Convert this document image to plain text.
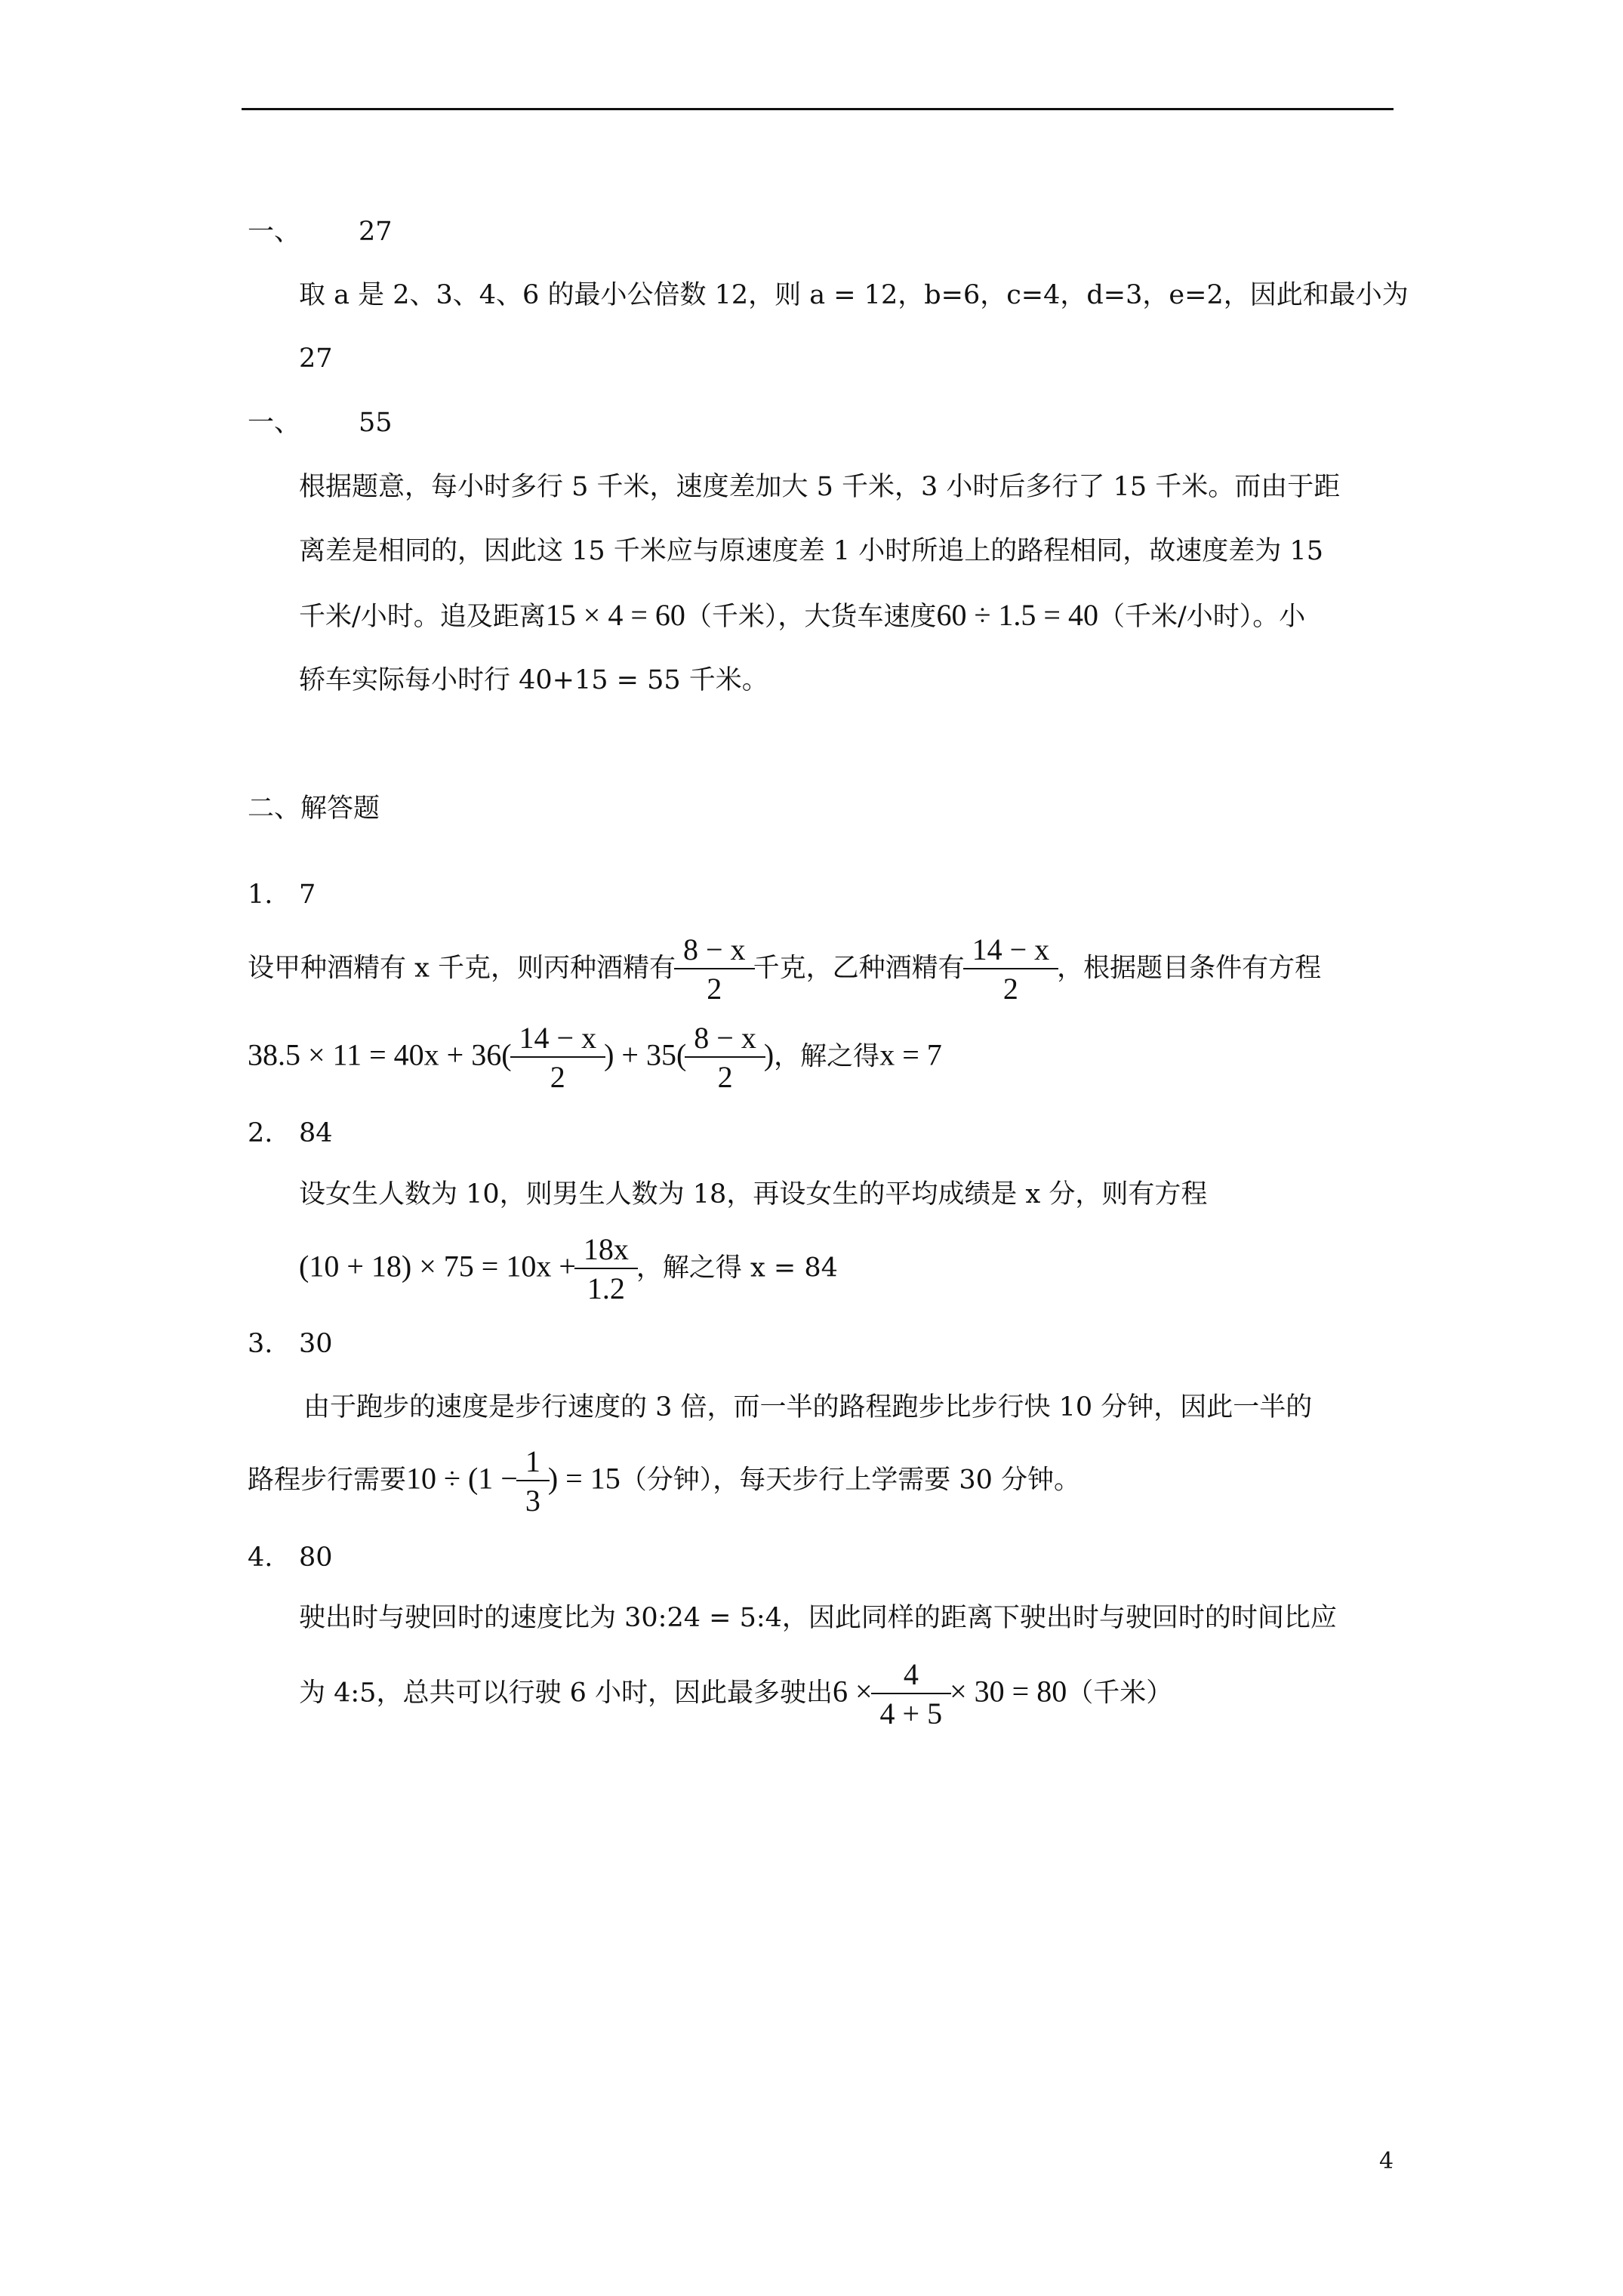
一、 27
取 a 是 2、3、4、6 的最小公倍数 12，则 a = 12，b=6，c=4，d=3，e=2，因此和最小为
27
一、 55
根据题意，每小时多行 5 千米，速度差加大 5 千米，3 小时后多行了 15 千米。而由于距
离差是相同的，因此这 15 千米应与原速度差 1 小时所追上的路程相同，故速度差为 15
千米/小时。追及距离15 × 4 = 60（千米），大货车速度60 ÷ 1.5 = 40（千米/小时）。小
轿车实际每小时行 40+15 = 55 千米。
二、解答题
1. 7
设甲种酒精有 x 千克，则丙种酒精有 $\frac{8 - x}{2}$ 千克，乙种酒精有 $\frac{14 - x}{2}$ ，根据题目条件有方程
$38.5 \times 11 = 40x + 36( \frac{14 - x}{2}$ ) + $35( \frac{8 - x}{2}$ )，解之得x = 7
2. 84
设女生人数为 10，则男生人数为 18，再设女生的平均成绩是 x 分，则有方程
$(10 + 18) \times 75 = 10x + \frac{18x}{1.2}$ ，解之得 x = 84
3. 30
由于跑步的速度是步行速度的 3 倍，而一半的路程跑步比步行快 10 分钟，因此一半的
路程步行需要$10 \div (1 - \frac{1}{3}$ ) = 15（分钟），每天步行上学需要 30 分钟。
4. 80
驶出时与驶回时的速度比为 30:24 = 5:4，因此同样的距离下驶出时与驶回时的时间比应
为 4:5，总共可以行驶 6 小时，因此最多驶出$6 \times \frac{4}{4 + 5} \times 30 = 80$（千米）
4
